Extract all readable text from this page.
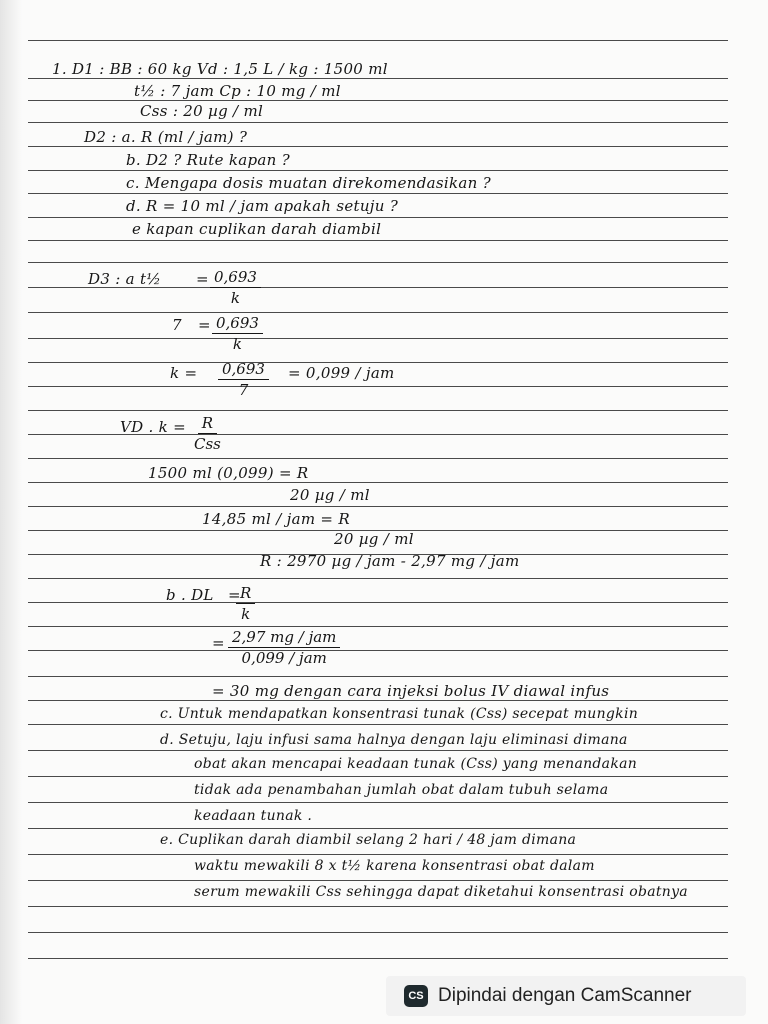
1. D1 : BB : 60 kg Vd : 1,5 L / kg : 1500 ml
t½ : 7 jam Cp : 10 mg / ml
Css : 20 µg / ml
D2 : a. R (ml / jam) ?
b. D2 ? Rute kapan ?
c. Mengapa dosis muatan direkomendasikan ?
d. R = 10 ml / jam apakah setuju ?
e kapan cuplikan darah diambil
D3 : a t½ = $\frac{0,693}{k}$
$7 = \frac{0,693}{k}$
$k = \frac{0,693}{7} = 0,099$ / jam
VD . k = R
Css
1500 ml (0,099) = R
20 µg / ml
14,85 ml / jam = R
20 µg / ml
R : 2970 µg / jam - 2,97 mg / jam
b . DL =
$\frac{R}{k}$
= 2,97 mg / jam
0,099 / jam
= 30 mg dengan cara injeksi bolus IV diawal infus
c. Untuk mendapatkan konsentrasi tunak (Css) secepat mungkin
d. Setuju, laju infusi sama halnya dengan laju eliminasi dimana
obat akan mencapai keadaan tunak (Css) yang menandakan
tidak ada penambahan jumlah obat dalam tubuh selama
keadaan tunak .
e. Cuplikan darah diambil selang 2 hari / 48 jam dimana
waktu mewakili 8 x t½ karena konsentrasi obat dalam
serum mewakili Css sehingga dapat diketahui konsentrasi obatnya
CS Dipindai dengan CamScanner
